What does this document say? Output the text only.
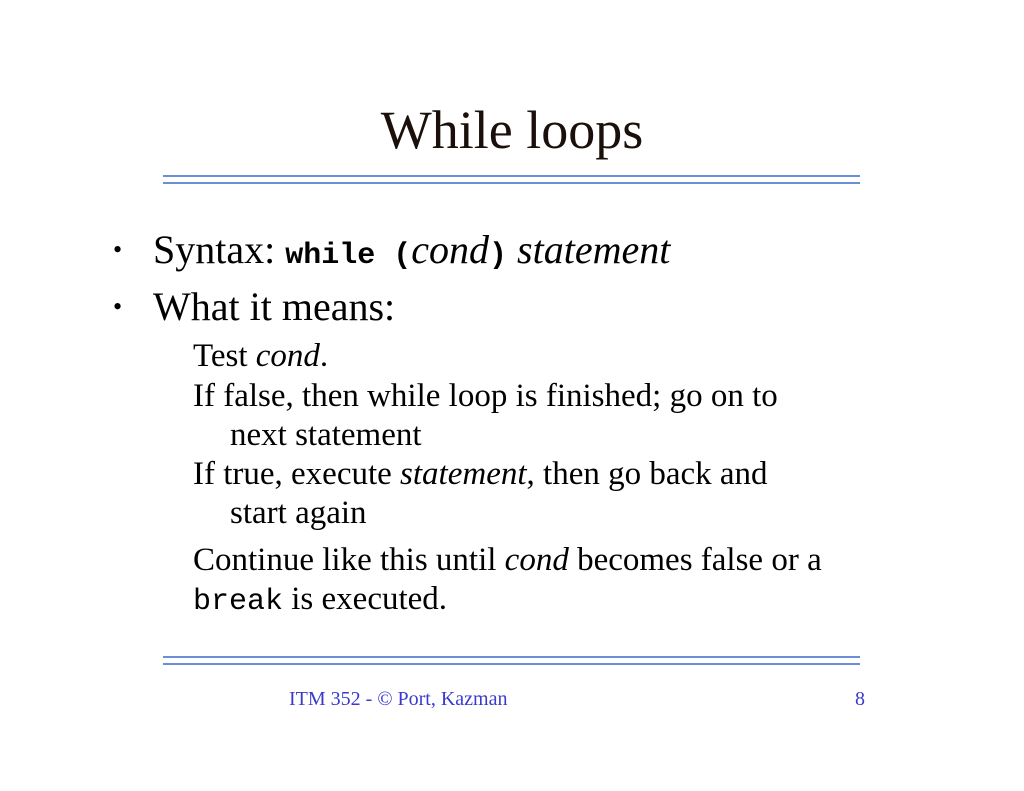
While loops
• Syntax: while (cond) statement
• What it means:
Test cond.
If false, then while loop is finished; go on to
next statement
If true, execute statement, then go back and
start again
Continue like this until cond becomes false or a
break is executed.
ITM 352 - © Port, Kazman	8
